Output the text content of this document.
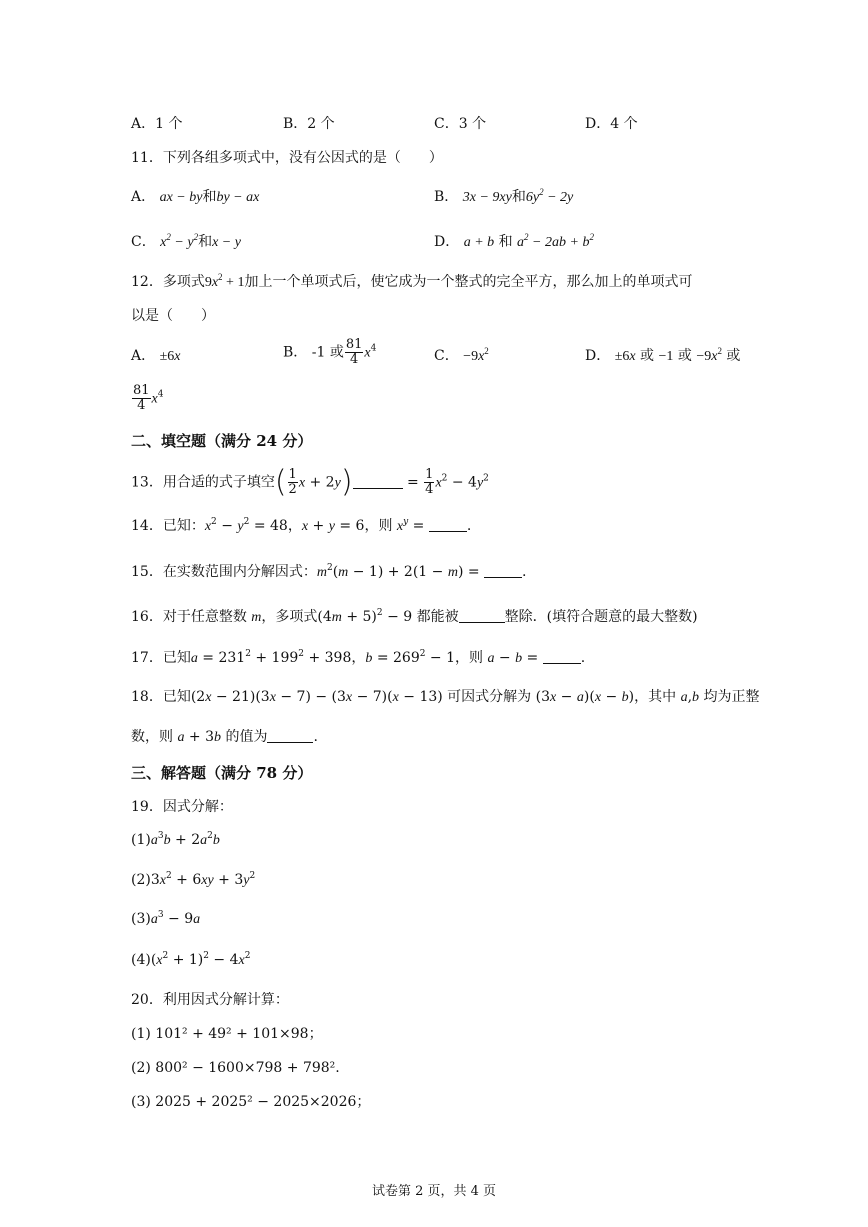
A．1 个	B．2 个	C．3 个	D．4 个
11．下列各组多项式中，没有公因式的是（　　）
A． ax − by和by − ax	B． 3x − 9xy和$6y^2 - 2y$
C． $x^2 - y^2$和x − y	D． a + b 和 $a^2 - 2ab + b^2$
12．多项式$9x^2 + 1$加上一个单项式后，使它成为一个整式的完全平方，那么加上的单项式可
以是（　　）
A． ±6x	B． -1 或 $\frac{81}{4} x^4$	C． $-9x^2$	D． ±6x 或 −1 或 $-9x^2$ 或
$\frac{81}{4} x^4$
二、填空题（满分 24 分）
13．用合适的式子填空( $\frac{1}{2}$ x + 2y)	= $\frac{1}{4} x^2 - 4y^2$
14．已知：$x^2 - y^2 = 48$，x + y = 6，则 $x^y$ =	.
15．在实数范围内分解因式：$m^2(m - 1) + 2(1 - m)$ =	.
16．对于任意整数 m，多项式$(4m + 5)^2 - 9$ 都能被	整除．(填符合题意的最大整数)
17．已知$a = 231^2 + 199^2 + 398$，$b = 269^2 - 1$，则 a − b =	.
18．已知(2x − 21)(3x − 7) − (3x − 7)(x − 13) 可因式分解为 (3x − a)(x − b)，其中 a,b 均为正整
数，则 a + 3b 的值为	.
三、解答题（满分 78 分）
19．因式分解：
$(1)a^3b + 2a^2b$
$(2)3x^2 + 6xy + 3y^2$
$(3)a^3 - 9a$
$(4)(x^2 + 1)^2 - 4x^2$
20．利用因式分解计算：
(1) 101² + 49² + 101×98；
(2) 800² − 1600×798 + 798².
(3) 2025 + 2025² − 2025×2026；
试卷第 2 页，共 4 页
